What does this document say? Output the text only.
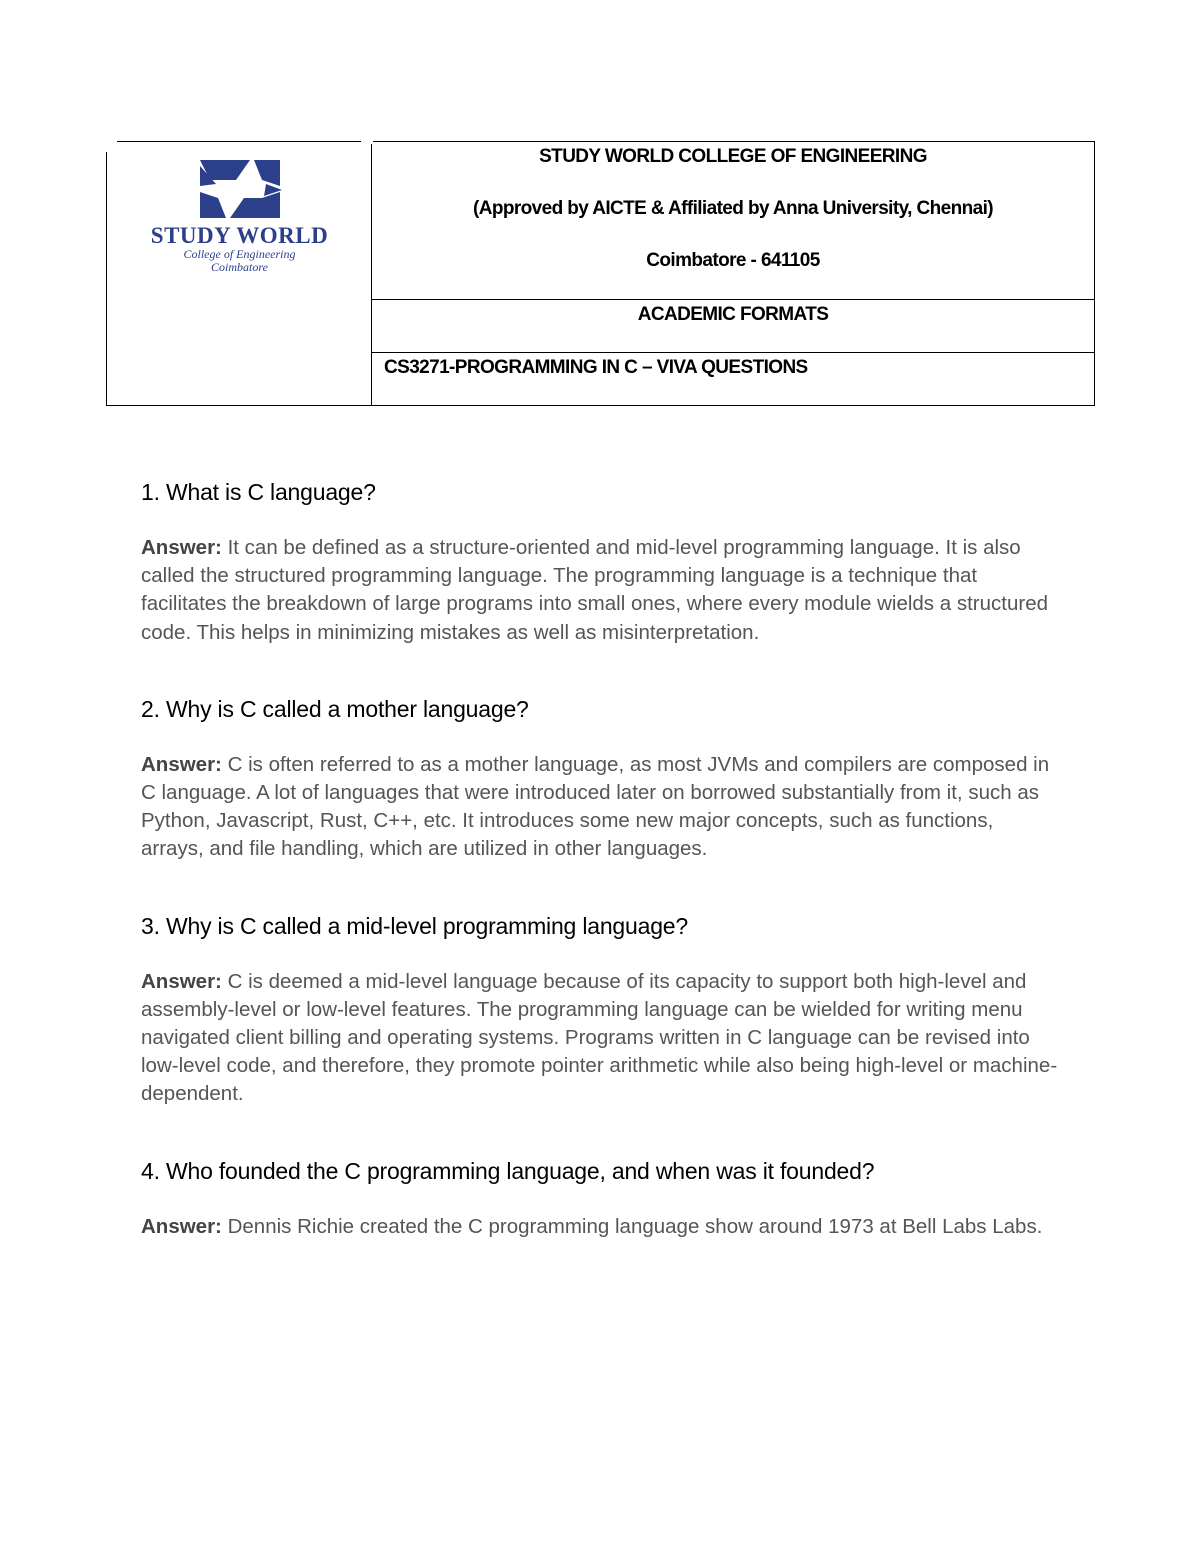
STUDY WORLD
College of Engineering
Coimbatore
STUDY WORLD COLLEGE OF ENGINEERING
(Approved by AICTE & Affiliated by Anna University, Chennai)
Coimbatore - 641105
ACADEMIC FORMATS
CS3271-PROGRAMMING IN C – VIVA QUESTIONS

1. What is C language?

Answer: It can be defined as a structure-oriented and mid-level programming language. It is also called the structured programming language. The programming language is a technique that facilitates the breakdown of large programs into small ones, where every module wields a structured code. This helps in minimizing mistakes as well as misinterpretation.

2. Why is C called a mother language?

Answer: C is often referred to as a mother language, as most JVMs and compilers are composed in C language. A lot of languages that were introduced later on borrowed substantially from it, such as Python, Javascript, Rust, C++, etc. It introduces some new major concepts, such as functions, arrays, and file handling, which are utilized in other languages.

3. Why is C called a mid-level programming language?

Answer: C is deemed a mid-level language because of its capacity to support both high-level and assembly-level or low-level features. The programming language can be wielded for writing menu navigated client billing and operating systems. Programs written in C language can be revised into low-level code, and therefore, they promote pointer arithmetic while also being high-level or machine-dependent.

4. Who founded the C programming language, and when was it founded?

Answer: Dennis Richie created the C programming language show around 1973 at Bell Labs Labs.
